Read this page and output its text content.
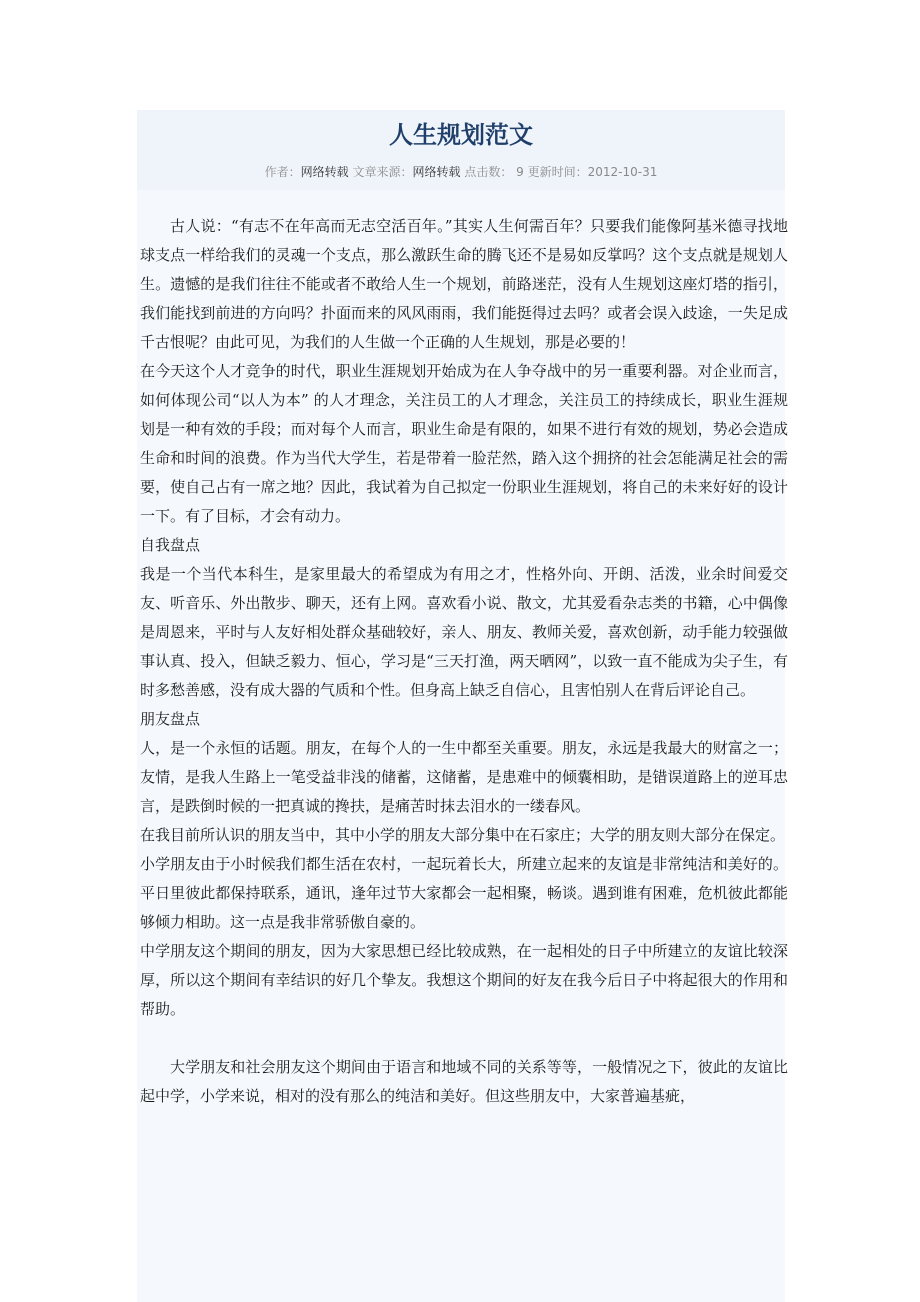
人生规划范文
作者：网络转载 文章来源：网络转载 点击数： 9 更新时间：2012-10-31

古人说：“有志不在年高而无志空活百年。”其实人生何需百年？只要我们能像阿基米德寻找地球支点一样给我们的灵魂一个支点，那么激跃生命的腾飞还不是易如反掌吗？这个支点就是规划人生。遗憾的是我们往往不能或者不敢给人生一个规划，前路迷茫，没有人生规划这座灯塔的指引，我们能找到前进的方向吗？扑面而来的风风雨雨，我们能挺得过去吗？或者会误入歧途，一失足成千古恨呢？由此可见，为我们的人生做一个正确的人生规划，那是必要的！

在今天这个人才竞争的时代，职业生涯规划开始成为在人争夺战中的另一重要利器。对企业而言，如何体现公司“以人为本” 的人才理念，关注员工的人才理念，关注员工的持续成长，职业生涯规划是一种有效的手段；而对每个人而言，职业生命是有限的，如果不进行有效的规划，势必会造成生命和时间的浪费。作为当代大学生，若是带着一脸茫然，踏入这个拥挤的社会怎能满足社会的需要，使自己占有一席之地？因此，我试着为自己拟定一份职业生涯规划，将自己的未来好好的设计一下。有了目标，才会有动力。

自我盘点

我是一个当代本科生，是家里最大的希望成为有用之才，性格外向、开朗、活泼，业余时间爱交友、听音乐、外出散步、聊天，还有上网。喜欢看小说、散文，尤其爱看杂志类的书籍，心中偶像是周恩来，平时与人友好相处群众基础较好，亲人、朋友、教师关爱，喜欢创新，动手能力较强做事认真、投入，但缺乏毅力、恒心，学习是“三天打渔，两天晒网”，以致一直不能成为尖子生，有时多愁善感，没有成大器的气质和个性。但身高上缺乏自信心，且害怕别人在背后评论自己。

朋友盘点

人，是一个永恒的话题。朋友，在每个人的一生中都至关重要。朋友，永远是我最大的财富之一；友情，是我人生路上一笔受益非浅的储蓄，这储蓄，是患难中的倾囊相助，是错误道路上的逆耳忠言，是跌倒时候的一把真诚的搀扶，是痛苦时抹去泪水的一缕春风。

在我目前所认识的朋友当中，其中小学的朋友大部分集中在石家庄；大学的朋友则大部分在保定。

小学朋友由于小时候我们都生活在农村，一起玩着长大，所建立起来的友谊是非常纯洁和美好的。平日里彼此都保持联系，通讯，逢年过节大家都会一起相聚，畅谈。遇到谁有困难，危机彼此都能够倾力相助。这一点是我非常骄傲自豪的。

中学朋友这个期间的朋友，因为大家思想已经比较成熟，在一起相处的日子中所建立的友谊比较深厚，所以这个期间有幸结识的好几个挚友。我想这个期间的好友在我今后日子中将起很大的作用和帮助。

大学朋友和社会朋友这个期间由于语言和地域不同的关系等等，一般情况之下，彼此的友谊比起中学，小学来说，相对的没有那么的纯洁和美好。但这些朋友中，大家普遍基疵，
